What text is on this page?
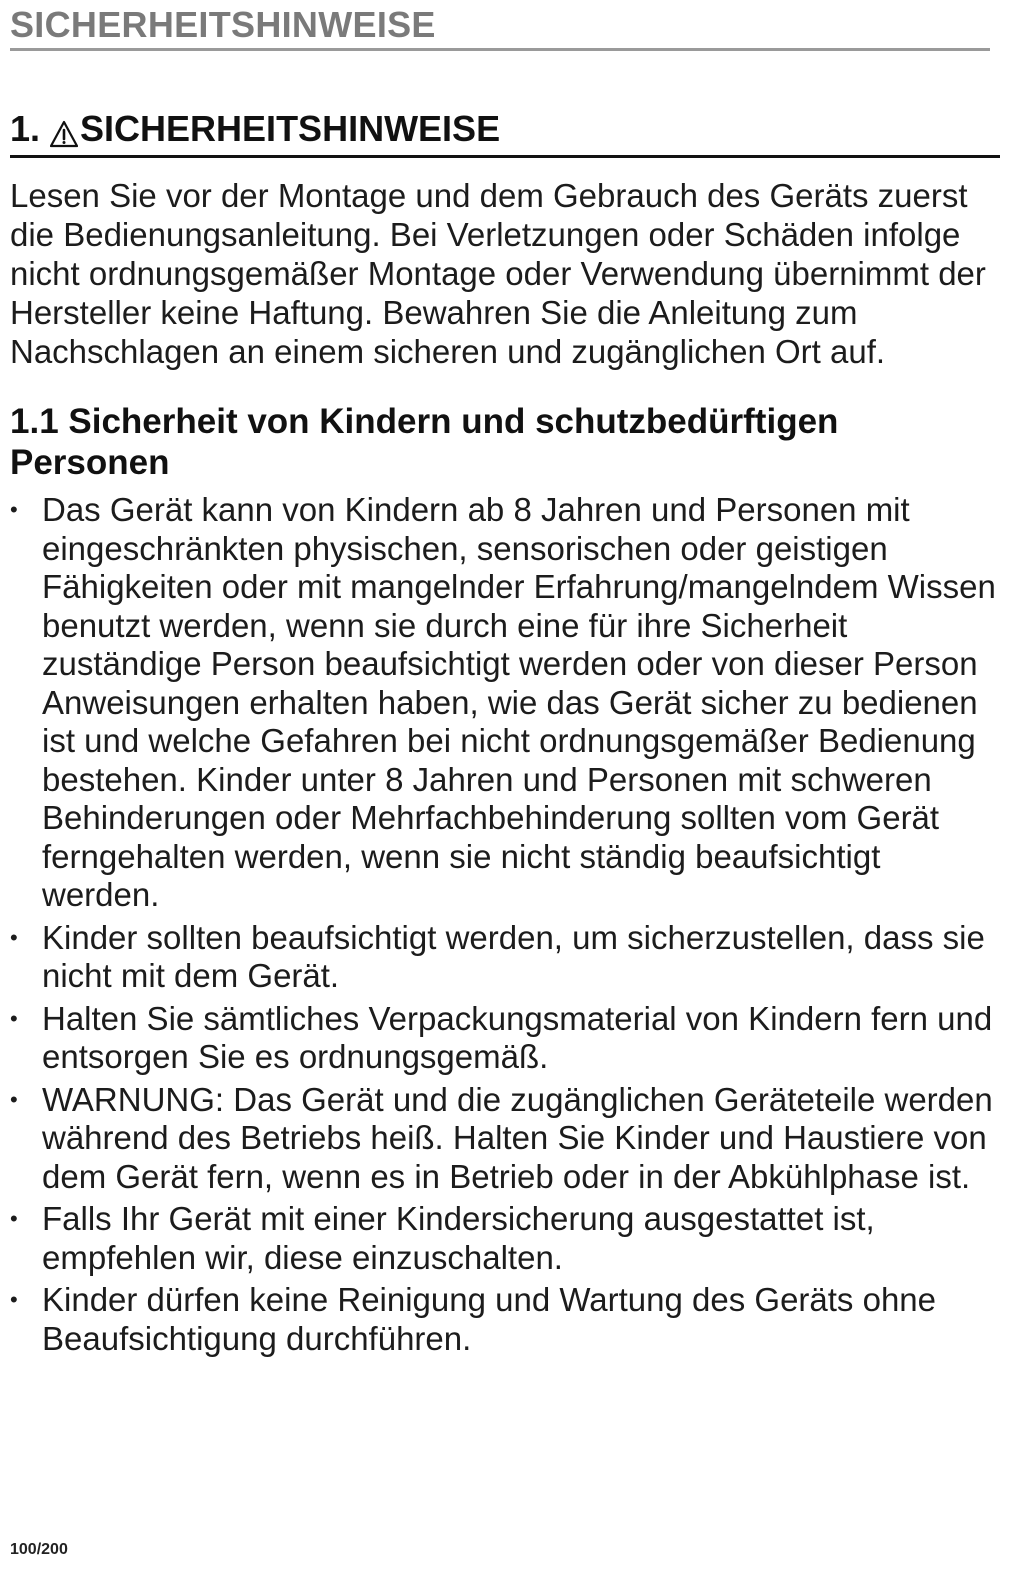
SICHERHEITSHINWEISE
1. SICHERHEITSHINWEISE

Lesen Sie vor der Montage und dem Gebrauch des Geräts zuerst die Bedienungsanleitung. Bei Verletzungen oder Schäden infolge nicht ordnungsgemäßer Montage oder Verwendung übernimmt der Hersteller keine Haftung. Bewahren Sie die Anleitung zum Nachschlagen an einem sicheren und zugänglichen Ort auf.

1.1 Sicherheit von Kindern und schutzbedürftigen Personen
• Das Gerät kann von Kindern ab 8 Jahren und Personen mit eingeschränkten physischen, sensorischen oder geistigen Fähigkeiten oder mit mangelnder Erfahrung/mangelndem Wissen benutzt werden, wenn sie durch eine für ihre Sicherheit zuständige Person beaufsichtigt werden oder von dieser Person Anweisungen erhalten haben, wie das Gerät sicher zu bedienen ist und welche Gefahren bei nicht ordnungsgemäßer Bedienung bestehen. Kinder unter 8 Jahren und Personen mit schweren Behinderungen oder Mehrfachbehinderung sollten vom Gerät ferngehalten werden, wenn sie nicht ständig beaufsichtigt werden.
• Kinder sollten beaufsichtigt werden, um sicherzustellen, dass sie nicht mit dem Gerät.
• Halten Sie sämtliches Verpackungsmaterial von Kindern fern und entsorgen Sie es ordnungsgemäß.
• WARNUNG: Das Gerät und die zugänglichen Geräteteile werden während des Betriebs heiß. Halten Sie Kinder und Haustiere von dem Gerät fern, wenn es in Betrieb oder in der Abkühlphase ist.
• Falls Ihr Gerät mit einer Kindersicherung ausgestattet ist, empfehlen wir, diese einzuschalten.
• Kinder dürfen keine Reinigung und Wartung des Geräts ohne Beaufsichtigung durchführen.
100/200
